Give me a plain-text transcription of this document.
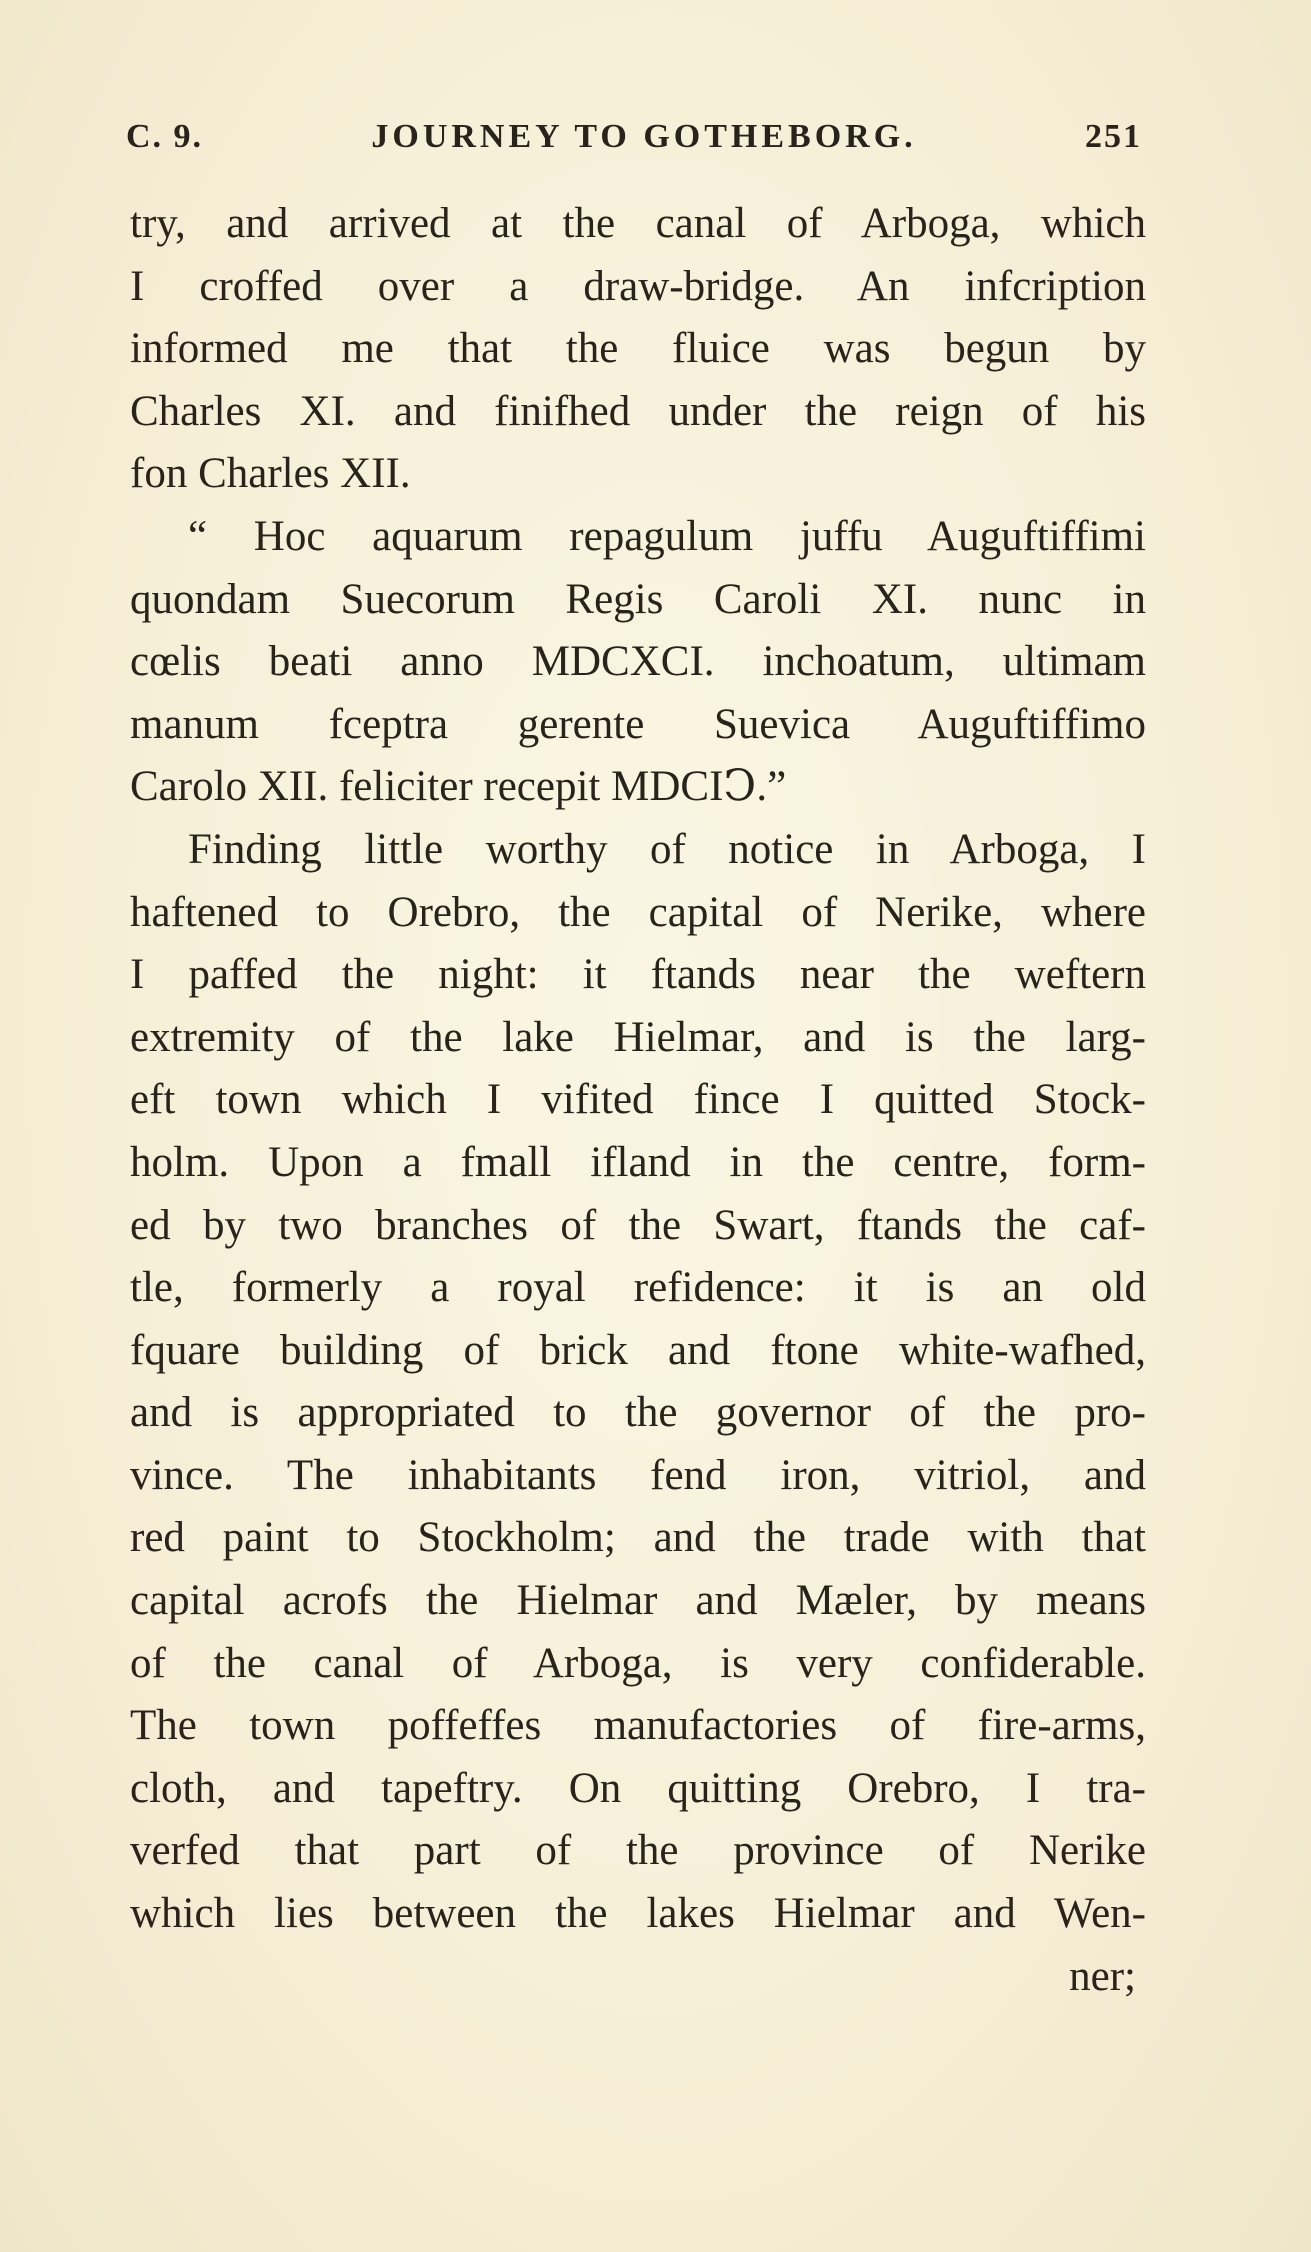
C. 9.	JOURNEY TO GOTHEBORG.	251
try, and arrived at the canal of Arboga, which
I croffed over a draw-bridge. An infcription
informed me that the fluice was begun by
Charles XI. and finifhed under the reign of his
fon Charles XII.
“ Hoc aquarum repagulum juffu Auguftiffimi
quondam Suecorum Regis Caroli XI. nunc in
cœlis beati anno MDCXCI. inchoatum, ultimam
manum fceptra gerente Suevica Auguftiffimo
Carolo XII. feliciter recepit MDCIↃ.”
Finding little worthy of notice in Arboga, I
haftened to Orebro, the capital of Nerike, where
I paffed the night: it ftands near the weftern
extremity of the lake Hielmar, and is the larg-
eft town which I vifited fince I quitted Stock-
holm. Upon a fmall ifland in the centre, form-
ed by two branches of the Swart, ftands the caf-
tle, formerly a royal refidence: it is an old
fquare building of brick and ftone white-wafhed,
and is appropriated to the governor of the pro-
vince. The inhabitants fend iron, vitriol, and
red paint to Stockholm; and the trade with that
capital acrofs the Hielmar and Mæler, by means
of the canal of Arboga, is very confiderable.
The town poffeffes manufactories of fire-arms,
cloth, and tapeftry. On quitting Orebro, I tra-
verfed that part of the province of Nerike
which lies between the lakes Hielmar and Wen-
ner;
